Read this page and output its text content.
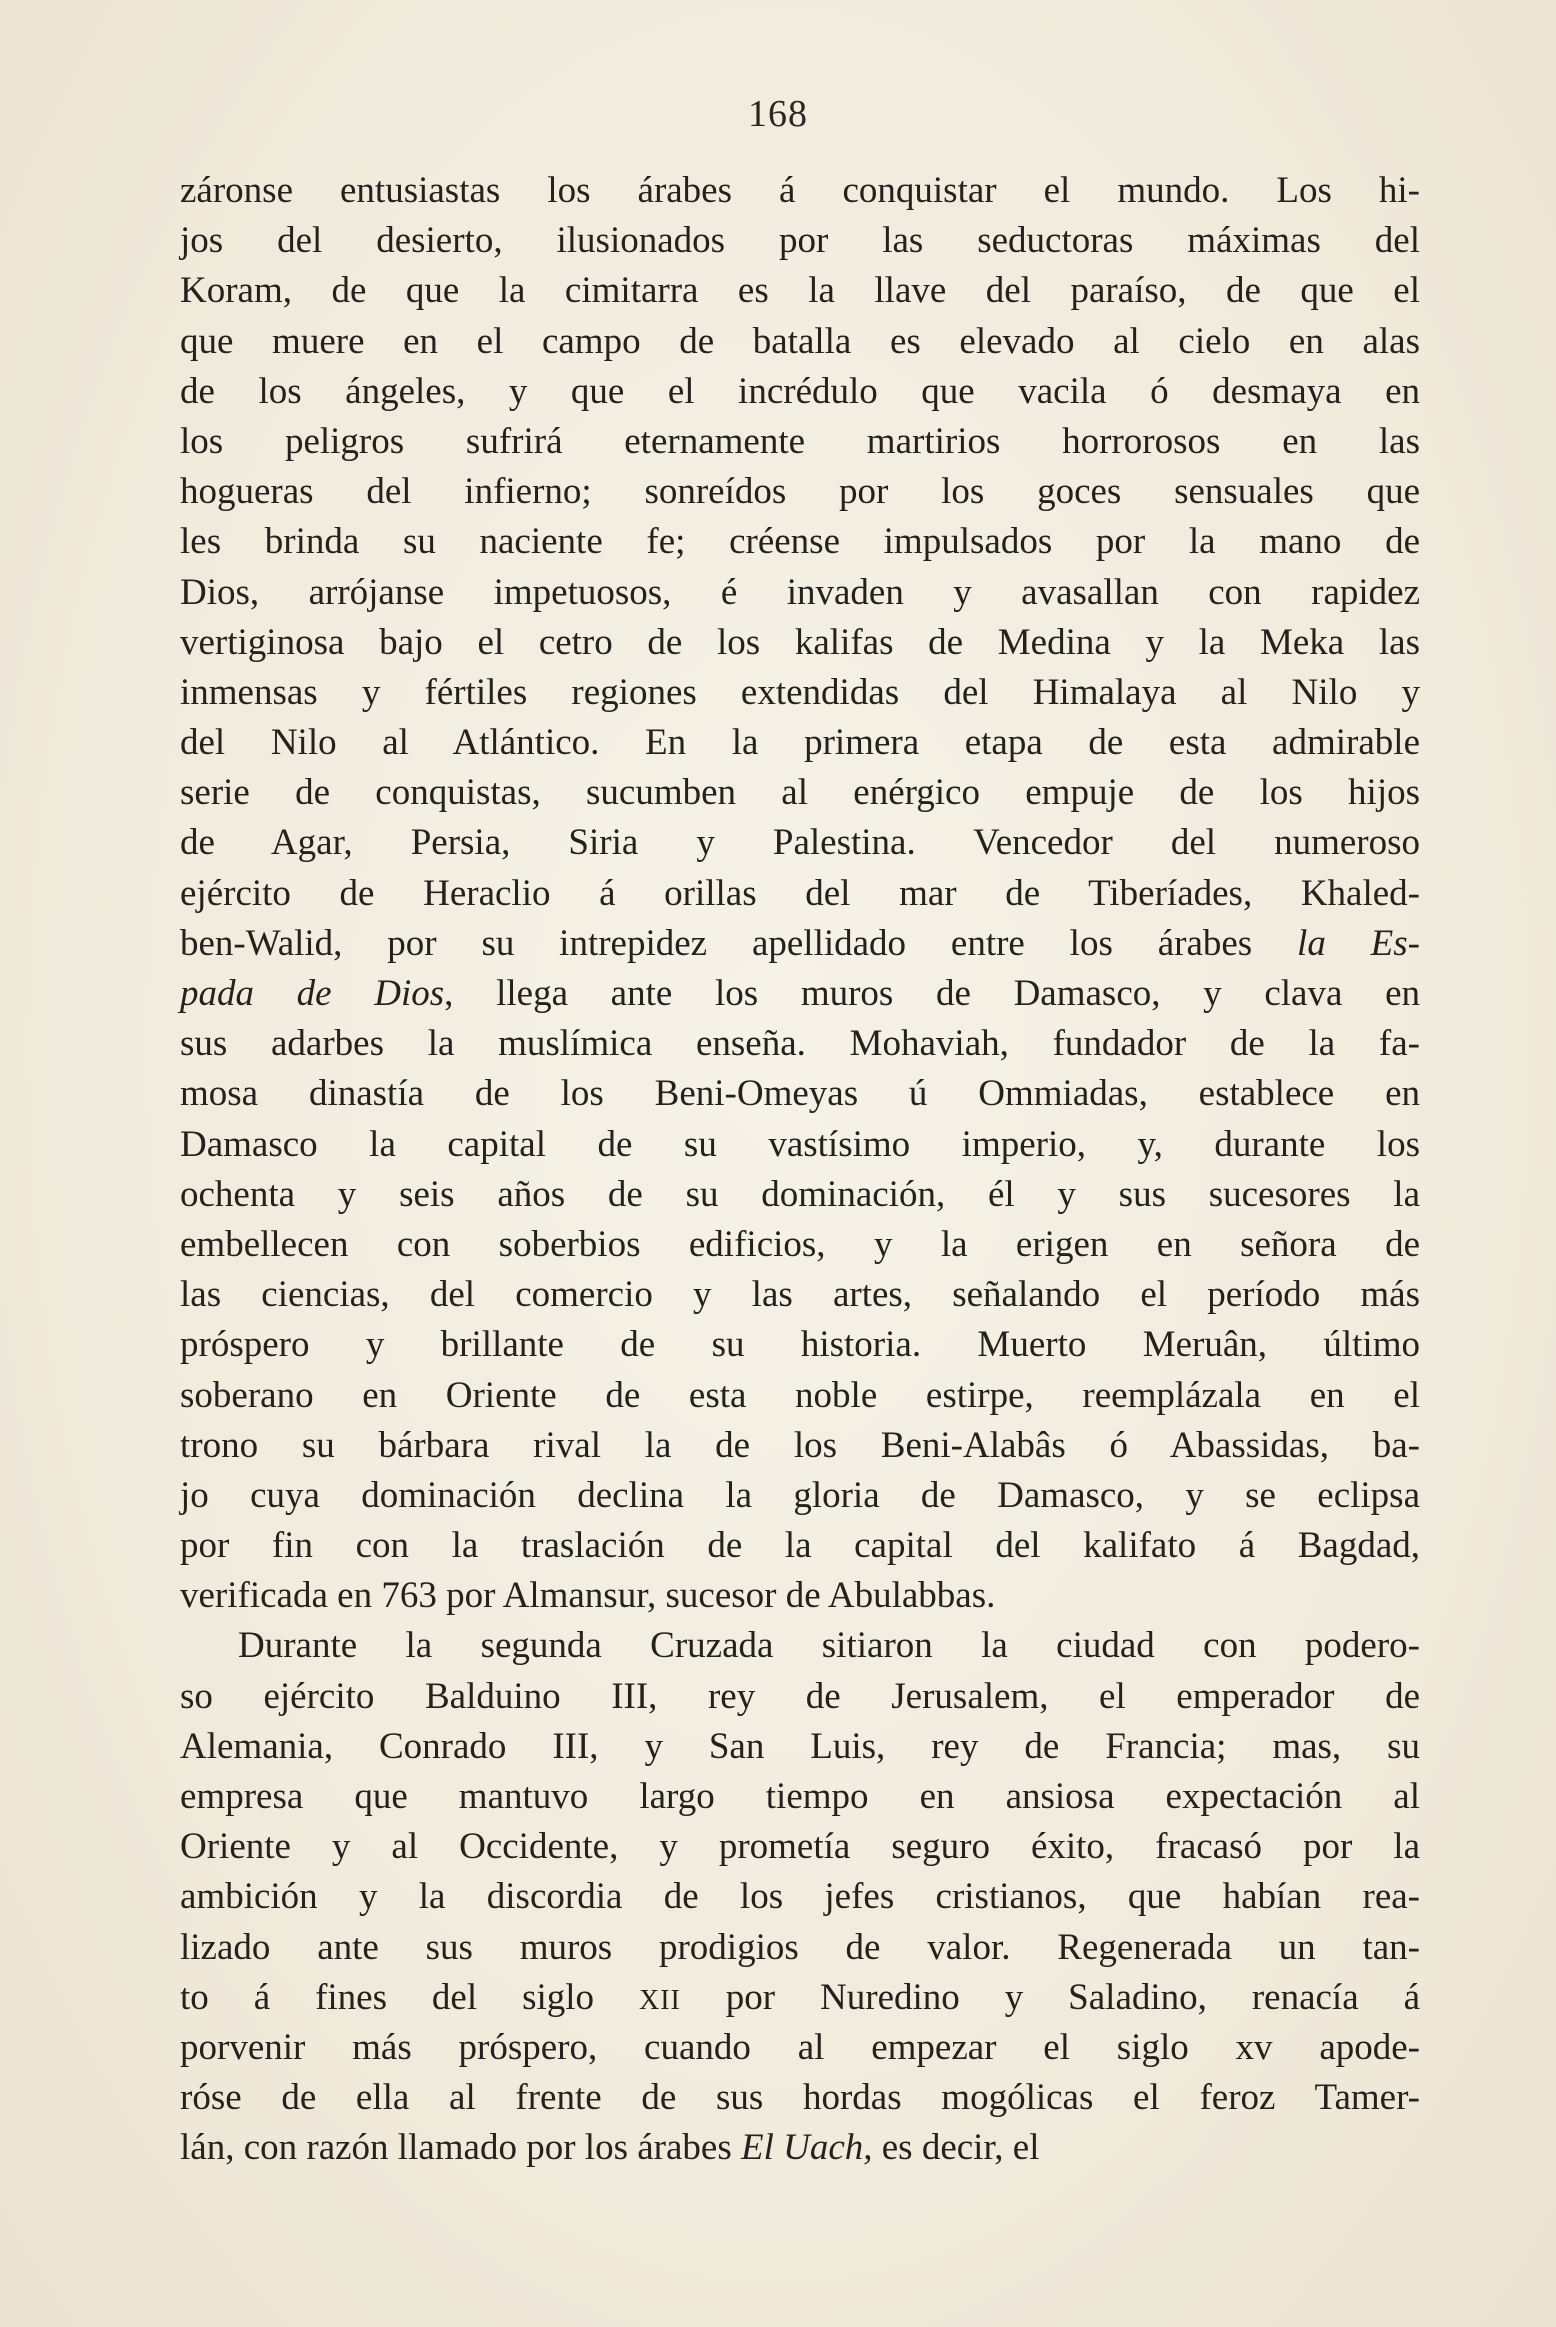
168
záronse entusiastas los árabes á conquistar el mundo. Los hi-
jos del desierto, ilusionados por las seductoras máximas del
Koram, de que la cimitarra es la llave del paraíso, de que el
que muere en el campo de batalla es elevado al cielo en alas
de los ángeles, y que el incrédulo que vacila ó desmaya en
los peligros sufrirá eternamente martirios horrorosos en las
hogueras del infierno; sonreídos por los goces sensuales que
les brinda su naciente fe; créense impulsados por la mano de
Dios, arrójanse impetuosos, é invaden y avasallan con rapidez
vertiginosa bajo el cetro de los kalifas de Medina y la Meka las
inmensas y fértiles regiones extendidas del Himalaya al Nilo y
del Nilo al Atlántico. En la primera etapa de esta admirable
serie de conquistas, sucumben al enérgico empuje de los hijos
de Agar, Persia, Siria y Palestina. Vencedor del numeroso
ejército de Heraclio á orillas del mar de Tiberíades, Khaled-
ben-Walid, por su intrepidez apellidado entre los árabes la Es-
pada de Dios, llega ante los muros de Damasco, y clava en
sus adarbes la muslímica enseña. Mohaviah, fundador de la fa-
mosa dinastía de los Beni-Omeyas ú Ommiadas, establece en
Damasco la capital de su vastísimo imperio, y, durante los
ochenta y seis años de su dominación, él y sus sucesores la
embellecen con soberbios edificios, y la erigen en señora de
las ciencias, del comercio y las artes, señalando el período más
próspero y brillante de su historia. Muerto Meruân, último
soberano en Oriente de esta noble estirpe, reemplázala en el
trono su bárbara rival la de los Beni-Alabâs ó Abassidas, ba-
jo cuya dominación declina la gloria de Damasco, y se eclipsa
por fin con la traslación de la capital del kalifato á Bagdad,
verificada en 763 por Almansur, sucesor de Abulabbas.
Durante la segunda Cruzada sitiaron la ciudad con podero-
so ejército Balduino III, rey de Jerusalem, el emperador de
Alemania, Conrado III, y San Luis, rey de Francia; mas, su
empresa que mantuvo largo tiempo en ansiosa expectación al
Oriente y al Occidente, y prometía seguro éxito, fracasó por la
ambición y la discordia de los jefes cristianos, que habían rea-
lizado ante sus muros prodigios de valor. Regenerada un tan-
to á fines del siglo XII por Nuredino y Saladino, renacía á
porvenir más próspero, cuando al empezar el siglo xv apode-
róse de ella al frente de sus hordas mogólicas el feroz Tamer-
lán, con razón llamado por los árabes El Uach, es decir, el
